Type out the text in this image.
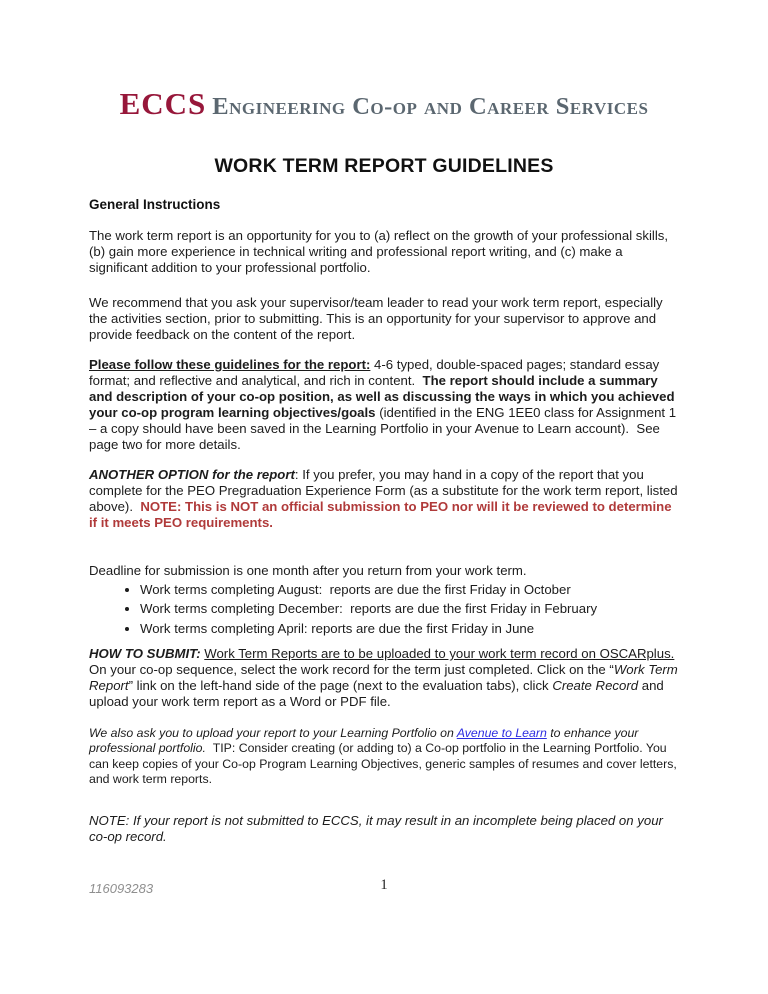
ECCS Engineering Co-op and Career Services
WORK TERM REPORT GUIDELINES
General Instructions

The work term report is an opportunity for you to (a) reflect on the growth of your professional skills, (b) gain more experience in technical writing and professional report writing, and (c) make a significant addition to your professional portfolio.

We recommend that you ask your supervisor/team leader to read your work term report, especially the activities section, prior to submitting. This is an opportunity for your supervisor to approve and provide feedback on the content of the report.

Please follow these guidelines for the report: 4-6 typed, double-spaced pages; standard essay format; and reflective and analytical, and rich in content.  The report should include a summary and description of your co-op position, as well as discussing the ways in which you achieved your co-op program learning objectives/goals (identified in the ENG 1EE0 class for Assignment 1 – a copy should have been saved in the Learning Portfolio in your Avenue to Learn account).  See page two for more details.

ANOTHER OPTION for the report: If you prefer, you may hand in a copy of the report that you complete for the PEO Pregraduation Experience Form (as a substitute for the work term report, listed above).  NOTE: This is NOT an official submission to PEO nor will it be reviewed to determine if it meets PEO requirements.

Deadline for submission is one month after you return from your work term.

• Work terms completing August:  reports are due the first Friday in October
• Work terms completing December:  reports are due the first Friday in February
• Work terms completing April: reports are due the first Friday in June

HOW TO SUBMIT: Work Term Reports are to be uploaded to your work term record on OSCARplus.  On your co-op sequence, select the work record for the term just completed. Click on the “Work Term Report” link on the left-hand side of the page (next to the evaluation tabs), click Create Record and upload your work term report as a Word or PDF file.

We also ask you to upload your report to your Learning Portfolio on Avenue to Learn to enhance your professional portfolio.  TIP: Consider creating (or adding to) a Co-op portfolio in the Learning Portfolio. You can keep copies of your Co-op Program Learning Objectives, generic samples of resumes and cover letters, and work term reports.

NOTE: If your report is not submitted to ECCS, it may result in an incomplete being placed on your co-op record.

116093283	1
